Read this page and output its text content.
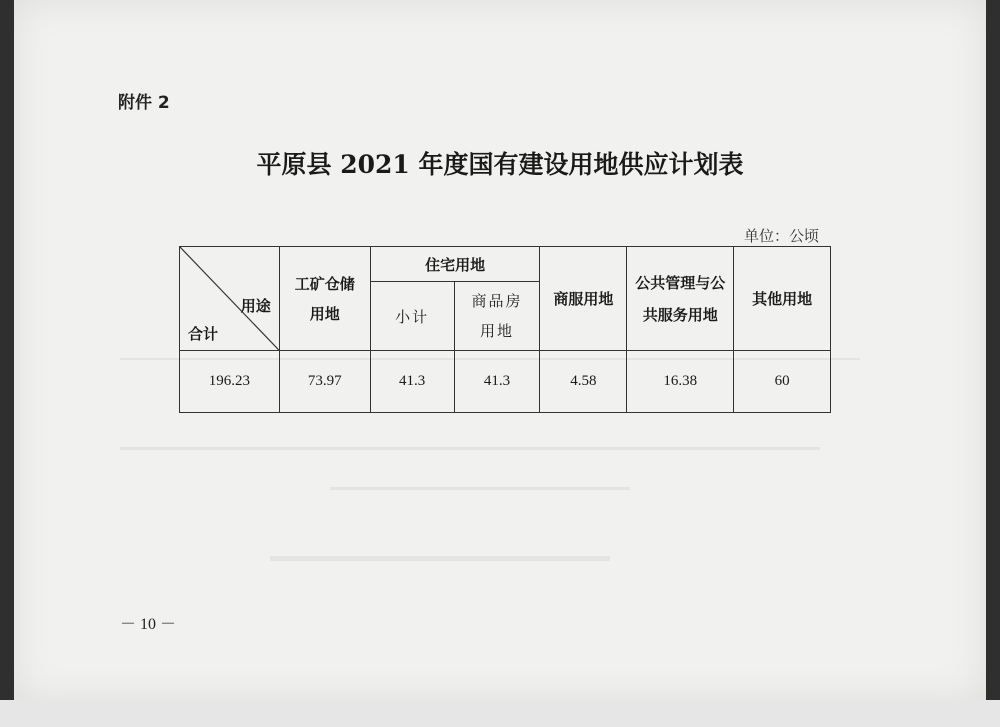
附件 2
平原县 2021 年度国有建设用地供应计划表
单位：公顷
用途
合计	工矿仓储用地	住宅用地		商服用地	公共管理与公共服务用地	其他用地
		小计	商品房用地			

196.23	73.97	41.3	41.3	4.58	16.38	60
－ 10 －
